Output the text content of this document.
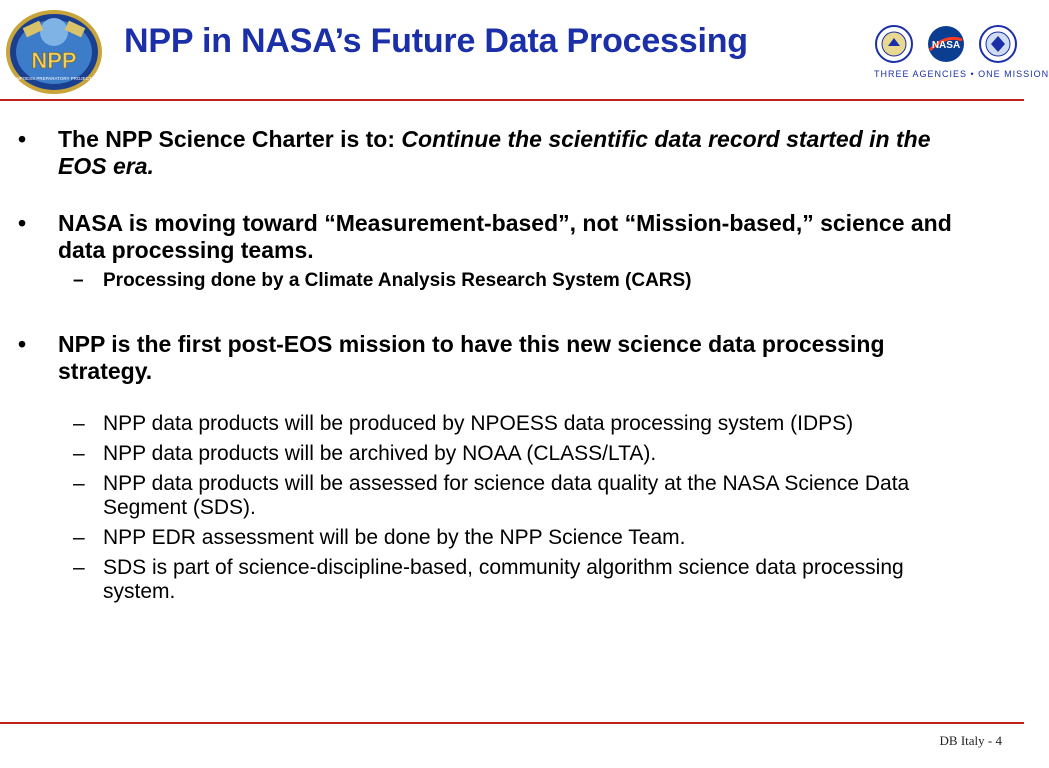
NPP
NPOESS PREPARATORY PROJECT
NPP in NASA’s Future Data Processing	NASA
THREE AGENCIES • ONE MISSION
• The NPP Science Charter is to: Continue the scientific data record started in the EOS era.
• NASA is moving toward “Measurement-based”, not “Mission-based,” science and data processing teams.
– Processing done by a Climate Analysis Research System (CARS)
• NPP is the first post-EOS mission to have this new science data processing strategy.
– NPP data products will be produced by NPOESS data processing system (IDPS)
– NPP data products will be archived by NOAA (CLASS/LTA).
– NPP data products will be assessed for science data quality at the NASA Science Data Segment (SDS).
– NPP EDR assessment will be done by the NPP Science Team.
– SDS is part of science-discipline-based, community algorithm science data processing system.
DB Italy - 4
